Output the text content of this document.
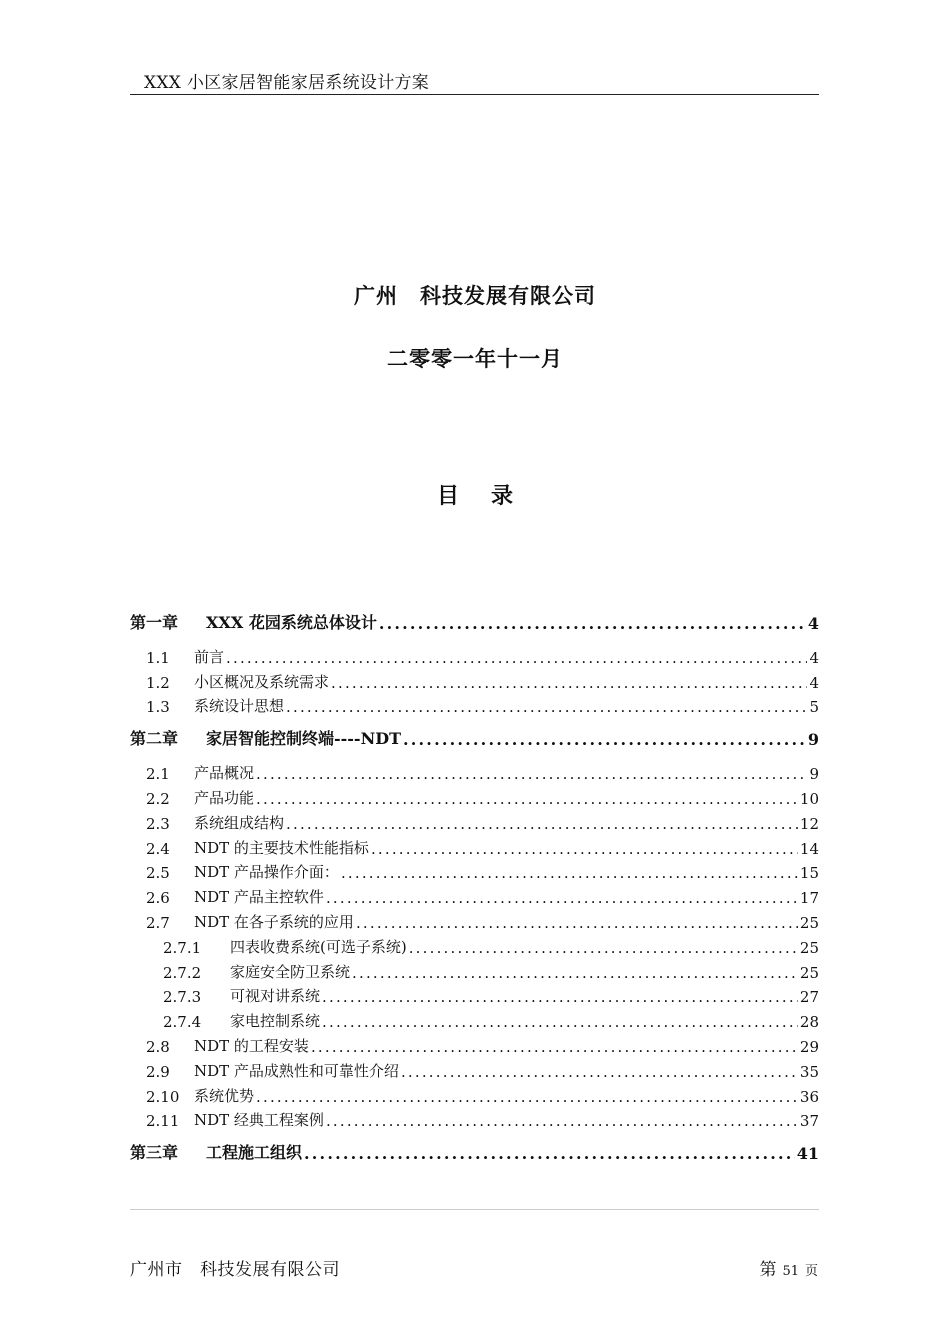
XXX 小区家居智能家居系统设计方案
广州　科技发展有限公司
二零零一年十一月
目录
第一章	XXX 花园系统总体设计 .....	4
1.1	前言 .....	4
1.2	小区概况及系统需求 .....	4
1.3	系统设计思想 .....	5
第二章	家居智能控制终端----NDT .....	9
2.1	产品概况 .....	9
2.2	产品功能 .....	10
2.3	系统组成结构 .....	12
2.4	NDT 的主要技术性能指标 .....	14
2.5	NDT 产品操作介面： .....	15
2.6	NDT 产品主控软件 .....	17
2.7	NDT 在各子系统的应用 .....	25
2.7.1	四表收费系统(可选子系统) .....	25
2.7.2	家庭安全防卫系统 .....	25
2.7.3	可视对讲系统 .....	27
2.7.4	家电控制系统 .....	28
2.8	NDT 的工程安装 .....	29
2.9	NDT 产品成熟性和可靠性介绍 .....	35
2.10 系统优势 .....	36
2.11 NDT 经典工程案例 .....	37
第三章	工程施工组织 .....	41
广州市　科技发展有限公司	第 51 页
